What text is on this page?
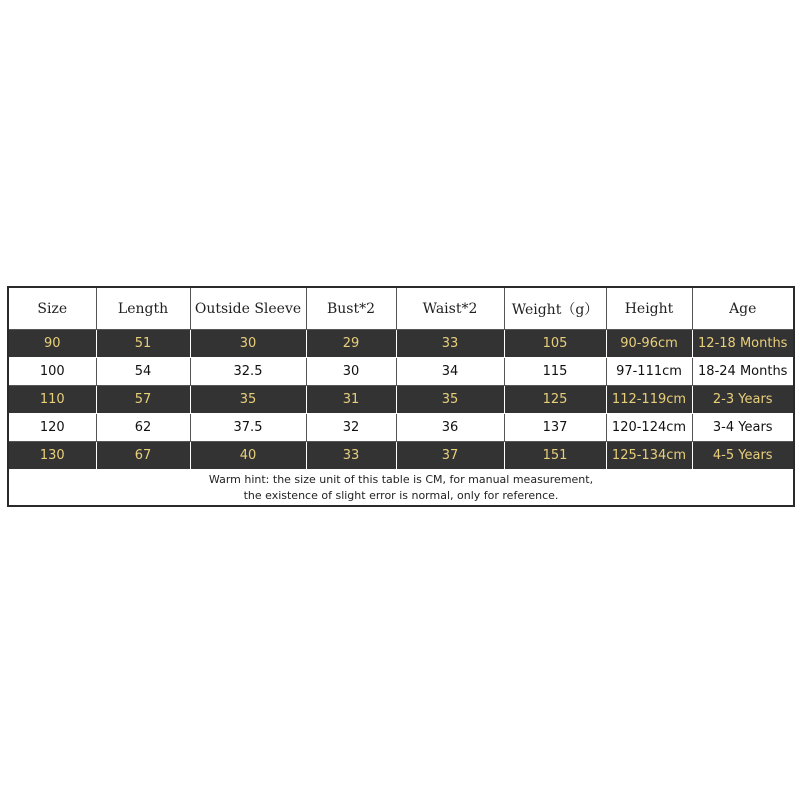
Size	Length	Outside Sleeve	Bust*2	Waist*2	Weight（g）	Height	Age
90	51	30	29	33	105	90-96cm	12-18 Months
100	54	32.5	30	34	115	97-111cm	18-24 Months
110	57	35	31	35	125	112-119cm	2-3 Years
120	62	37.5	32	36	137	120-124cm	3-4 Years
130	67	40	33	37	151	125-134cm	4-5 Years

Warm hint: the size unit of this table is CM, for manual measurement,
the existence of slight error is normal, only for reference.							
